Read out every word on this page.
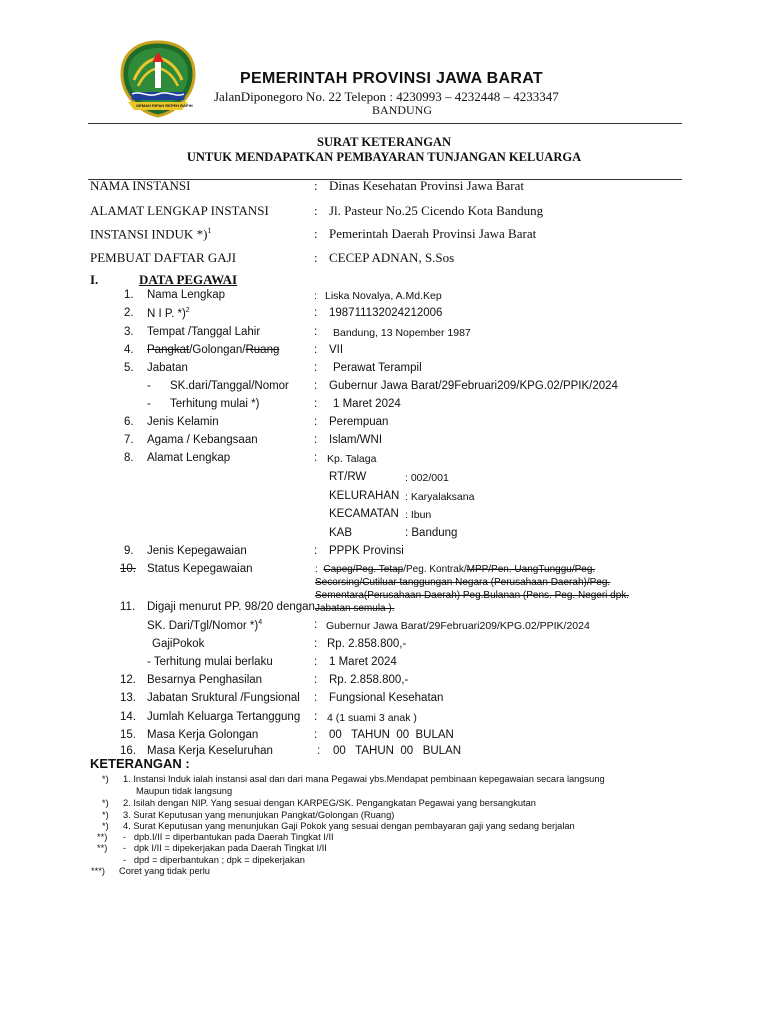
GEMAH RIPAH REPEH RAPIH
PEMERINTAH PROVINSI JAWA BARAT
JalanDiponegoro No. 22 Telepon : 4230993 – 4232448 – 4233347
BANDUNG
SURAT KETERANGAN
UNTUK MENDAPATKAN PEMBAYARAN TUNJANGAN KELUARGA
NAMA INSTANSI	: Dinas Kesehatan Provinsi Jawa Barat
ALAMAT LENGKAP INSTANSI	: Jl. Pasteur No.25 Cicendo Kota Bandung
INSTANSI INDUK *)$^1$	: Pemerintah Daerah Provinsi Jawa Barat
PEMBUAT DAFTAR GAJI	: CECEP ADNAN, S.Sos
I.	DATA PEGAWAI
1. Nama Lengkap	: Liska Novalya, A.Md.Kep
2. N I P. *)$^2$	: 198711132024212006
3. Tempat /Tanggal Lahir	: Bandung, 13 Nopember 1987
4. Pangkat/Golongan/Ruang	: VII
5. Jabatan	: Perawat Terampil
- SK.dari/Tanggal/Nomor : Gubernur Jawa Barat/29Februari209/KPG.02/PPIK/2024
- Terhitung mulai *)	: 1 Maret 2024
6. Jenis Kelamin	: Perempuan
7. Agama / Kebangsaan	: Islam/WNI
8. Alamat Lengkap	: Kp. Talaga
RT/RW	: 002/001
KELURAHAN : Karyalaksana
KECAMATAN : Ibun
KAB	: Bandung
9. Jenis Kepegawaian	: PPPK Provinsi
10. Status Kepegawaian	: Capeg/Peg. Tetap/Peg. Kontrak/MPP/Pen. UangTunggu/Peg. Secorsing/Cutiluar tanggungan Negara (Perusahaan Daerah)/Peg. Sementara(Perusahaan Daerah) Peg.Bulanan (Pens. Peg. Negeri dpk. Jabatan semula ).
11. Digaji menurut PP. 98/20 dengan
SK. Dari/Tgl/Nomor *)$^4$	: Gubernur Jawa Barat/29Februari209/KPG.02/PPIK/2024
GajiPokok	: Rp. 2.858.800,-
- Terhitung mulai berlaku	: 1 Maret 2024
12. Besarnya Penghasilan	: Rp. 2.858.800,-
13. Jabatan Sruktural /Fungsional : Fungsional Kesehatan
14. Jumlah Keluarga Tertanggung : 4 (1 suami 3 anak )
15. Masa Kerja Golongan	: 00   TAHUN  00  BULAN
16. Masa Kerja Keseluruhan	: 00   TAHUN  00   BULAN
KETERANGAN :
*) 1. Instansi Induk ialah instansi asal dan dari mana Pegawai ybs.Mendapat pembinaan kepegawaian secara langsung
Maupun tidak langsung
*) 2. Isilah dengan NIP. Yang sesuai dengan KARPEG/SK. Pengangkatan Pegawai yang bersangkutan
*) 3. Surat Keputusan yang menunjukan Pangkat/Golongan (Ruang)
*) 4. Surat Keputusan yang menunjukan Gaji Pokok yang sesuai dengan pembayaran gaji yang sedang berjalan
**) -   dpb.I/II = diperbantukan pada Daerah Tingkat I/II
**) -   dpk I/II = dipekerjakan pada Daerah Tingkat I/II
-   dpd = diperbantukan ; dpk = dipekerjakan
***) Coret yang tidak perlu
